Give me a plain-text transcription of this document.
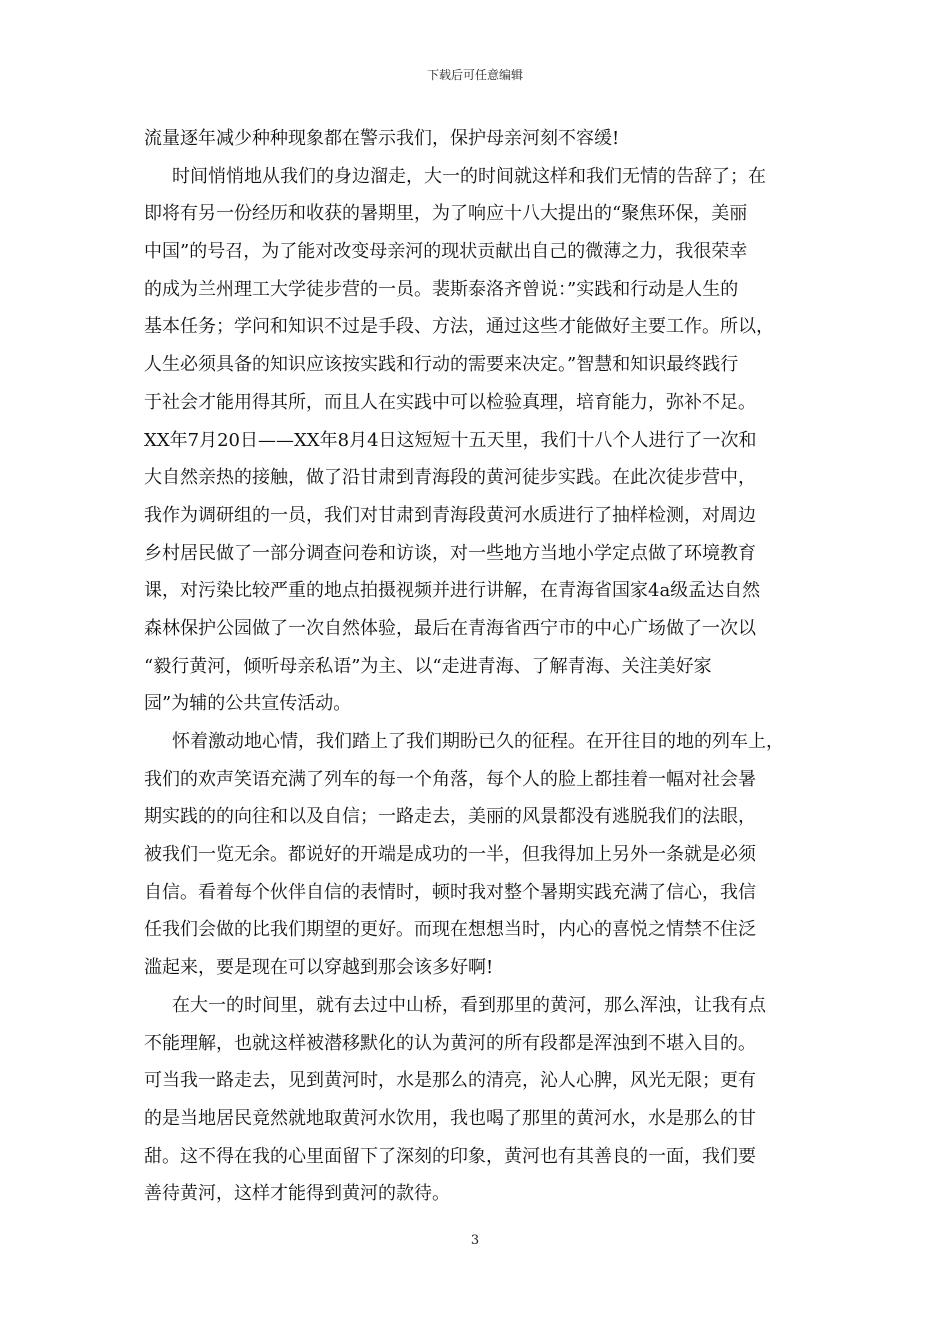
下载后可任意编辑
流量逐年减少种种现象都在警示我们，保护母亲河刻不容缓!
时间悄悄地从我们的身边溜走，大一的时间就这样和我们无情的告辞了；在
即将有另一份经历和收获的暑期里，为了响应十八大提出的“聚焦环保，美丽
中国”的号召，为了能对改变母亲河的现状贡献出自己的微薄之力，我很荣幸
的成为兰州理工大学徒步营的一员。裴斯泰洛齐曾说：”实践和行动是人生的
基本任务；学问和知识不过是手段、方法，通过这些才能做好主要工作。所以，
人生必须具备的知识应该按实践和行动的需要来决定。”智慧和知识最终践行
于社会才能用得其所，而且人在实践中可以检验真理，培育能力，弥补不足。
XX年7月20日——XX年8月4日这短短十五天里，我们十八个人进行了一次和
大自然亲热的接触，做了沿甘肃到青海段的黄河徒步实践。在此次徒步营中，
我作为调研组的一员，我们对甘肃到青海段黄河水质进行了抽样检测，对周边
乡村居民做了一部分调查问卷和访谈，对一些地方当地小学定点做了环境教育
课，对污染比较严重的地点拍摄视频并进行讲解，在青海省国家4a级孟达自然
森林保护公园做了一次自然体验，最后在青海省西宁市的中心广场做了一次以
“毅行黄河，倾听母亲私语”为主、以“走进青海、了解青海、关注美好家
园”为辅的公共宣传活动。
怀着激动地心情，我们踏上了我们期盼已久的征程。在开往目的地的列车上，
我们的欢声笑语充满了列车的每一个角落，每个人的脸上都挂着一幅对社会暑
期实践的的向往和以及自信；一路走去，美丽的风景都没有逃脱我们的法眼，
被我们一览无余。都说好的开端是成功的一半，但我得加上另外一条就是必须
自信。看着每个伙伴自信的表情时，顿时我对整个暑期实践充满了信心，我信
任我们会做的比我们期望的更好。而现在想想当时，内心的喜悦之情禁不住泛
滥起来，要是现在可以穿越到那会该多好啊!
在大一的时间里，就有去过中山桥，看到那里的黄河，那么浑浊，让我有点
不能理解，也就这样被潜移默化的认为黄河的所有段都是浑浊到不堪入目的。
可当我一路走去，见到黄河时，水是那么的清亮，沁人心脾，风光无限；更有
的是当地居民竟然就地取黄河水饮用，我也喝了那里的黄河水，水是那么的甘
甜。这不得在我的心里面留下了深刻的印象，黄河也有其善良的一面，我们要
善待黄河，这样才能得到黄河的款待。
3
